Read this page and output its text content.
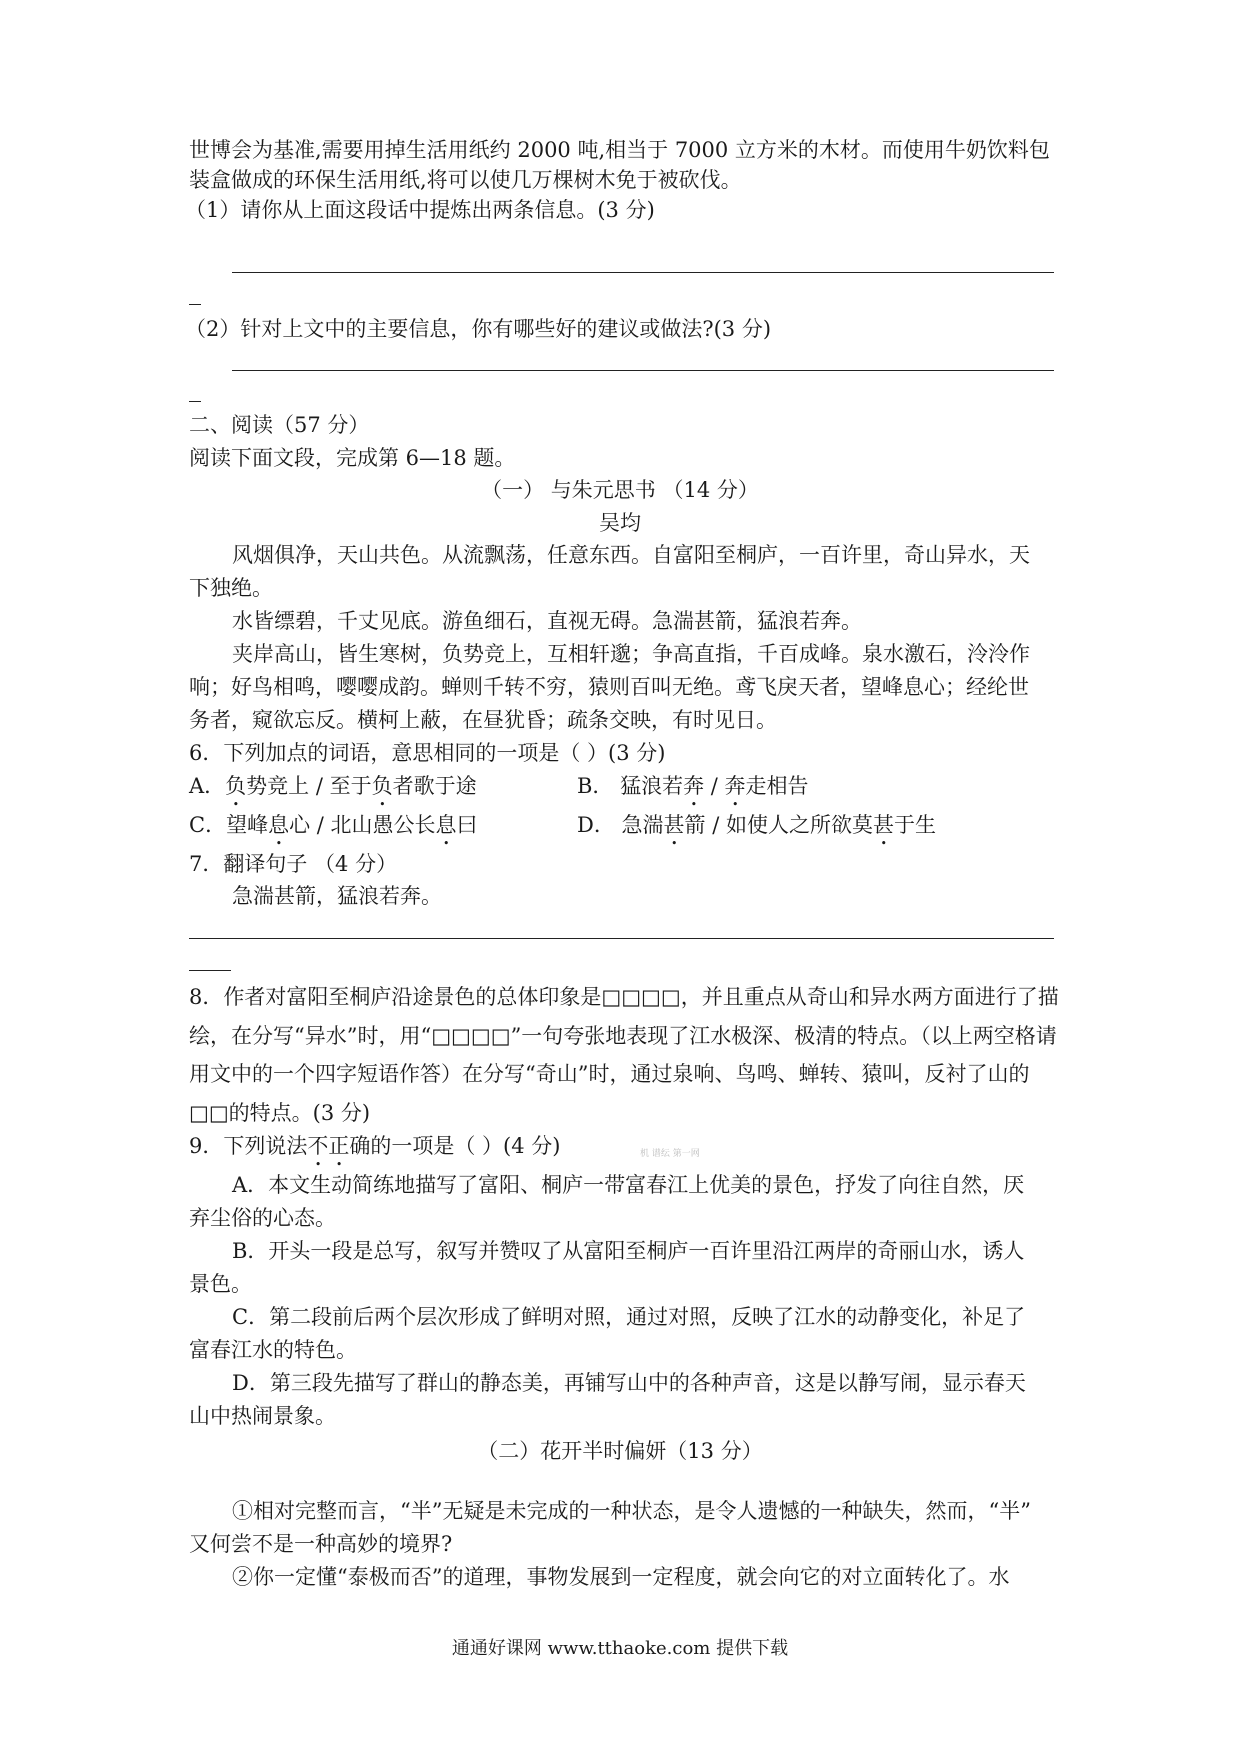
世博会为基准,需要用掉生活用纸约 2000 吨,相当于 7000 立方米的木材。而使用牛奶饮料包
装盒做成的环保生活用纸,将可以使几万棵树木免于被砍伐。
（1）请你从上面这段话中提炼出两条信息。(3 分)
（2）针对上文中的主要信息，你有哪些好的建议或做法?(3 分)
二、阅读（57 分）
阅读下面文段，完成第 6—18 题。
（一） 与朱元思书 （14 分）
吴均
风烟俱净，天山共色。从流飘荡，任意东西。自富阳至桐庐，一百许里，奇山异水，天
下独绝。
水皆缥碧，千丈见底。游鱼细石，直视无碍。急湍甚箭，猛浪若奔。
夹岸高山，皆生寒树，负势竞上，互相轩邈；争高直指，千百成峰。泉水激石，泠泠作
响；好鸟相鸣，嘤嘤成韵。蝉则千转不穷，猿则百叫无绝。鸢飞戾天者，望峰息心；经纶世
务者，窥欲忘反。横柯上蔽，在昼犹昏；疏条交映，有时见日。
6．下列加点的词语，意思相同的一项是（ ）(3 分)
A．负势竞上 / 至于负者歌于途	B． 猛浪若奔 / 奔走相告
C．望峰息心 / 北山愚公长息曰	D． 急湍甚箭 / 如使人之所欲莫甚于生
7．翻译句子 （4 分）
急湍甚箭，猛浪若奔。
8．作者对富阳至桐庐沿途景色的总体印象是□□□□，并且重点从奇山和异水两方面进行了描
绘，在分写“异水”时，用“□□□□”一句夸张地表现了江水极深、极清的特点。（以上两空格请
用文中的一个四字短语作答）在分写“奇山”时，通过泉响、鸟鸣、蝉转、猿叫，反衬了山的
□□的特点。(3 分)
9．下列说法不正确的一项是（ ）(4 分)	机 谱纭 第一网
A．本文生动简练地描写了富阳、桐庐一带富春江上优美的景色，抒发了向往自然，厌
弃尘俗的心态。
B．开头一段是总写，叙写并赞叹了从富阳至桐庐一百许里沿江两岸的奇丽山水，诱人
景色。
C．第二段前后两个层次形成了鲜明对照，通过对照，反映了江水的动静变化，补足了
富春江水的特色。
D．第三段先描写了群山的静态美，再铺写山中的各种声音，这是以静写闹，显示春天
山中热闹景象。
（二）花开半时偏妍（13 分）
①相对完整而言，“半”无疑是未完成的一种状态，是令人遗憾的一种缺失，然而，“半”
又何尝不是一种高妙的境界?
②你一定懂“泰极而否”的道理，事物发展到一定程度，就会向它的对立面转化了。水
通通好课网 www.tthaoke.com 提供下载
